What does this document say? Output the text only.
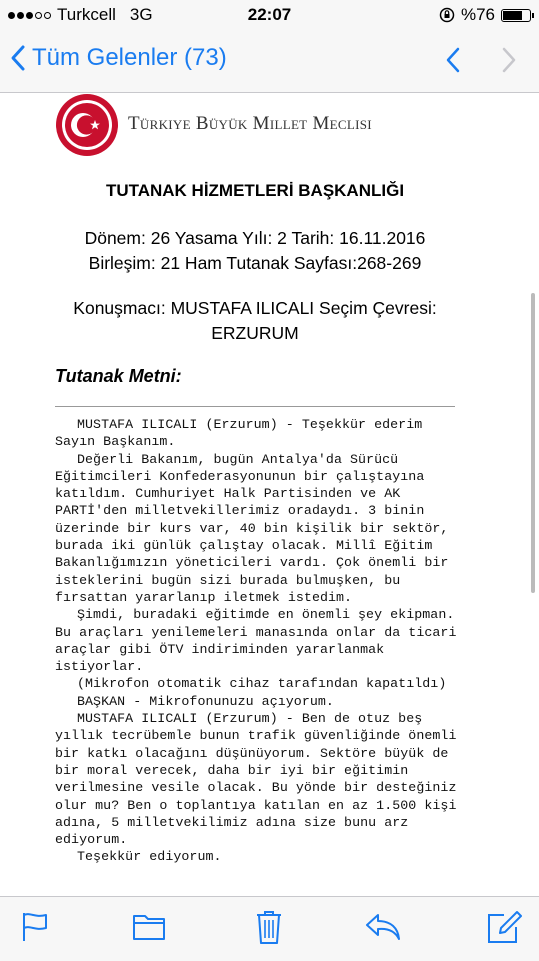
Turkcell 3G	22:07	%76
Tüm Gelenler (73)
Türkiye Büyük Millet Meclisi
TUTANAK HİZMETLERİ BAŞKANLIĞI
Dönem: 26 Yasama Yılı: 2 Tarih: 16.11.2016
Birleşim: 21 Ham Tutanak Sayfası:268-269
Konuşmacı: MUSTAFA ILICALI Seçim Çevresi:
ERZURUM
Tutanak Metni:

MUSTAFA ILICALI (Erzurum) - Teşekkür ederim Sayın Başkanım.

Değerli Bakanım, bugün Antalya'da Sürücü Eğitimcileri Konfederasyonunun bir çalıştayına katıldım. Cumhuriyet Halk Partisinden ve AK PARTİ'den milletvekillerimiz oradaydı. 3 binin üzerinde bir kurs var, 40 bin kişilik bir sektör, burada iki günlük çalıştay olacak. Millî Eğitim Bakanlığımızın yöneticileri vardı. Çok önemli bir isteklerini bugün sizi burada bulmuşken, bu fırsattan yararlanıp iletmek istedim.

Şimdi, buradaki eğitimde en önemli şey ekipman. Bu araçları yenilemeleri manasında onlar da ticari araçlar gibi ÖTV indiriminden yararlanmak istiyorlar.

(Mikrofon otomatik cihaz tarafından kapatıldı)

BAŞKAN - Mikrofonunuzu açıyorum.

MUSTAFA ILICALI (Erzurum) - Ben de otuz beş yıllık tecrübemle bunun trafik güvenliğinde önemli bir katkı olacağını düşünüyorum. Sektöre büyük de bir moral verecek, daha bir iyi bir eğitimin verilmesine vesile olacak. Bu yönde bir desteğiniz olur mu? Ben o toplantıya katılan en az 1.500 kişi adına, 5 milletvekilimiz adına size bunu arz ediyorum.

Teşekkür ediyorum.
